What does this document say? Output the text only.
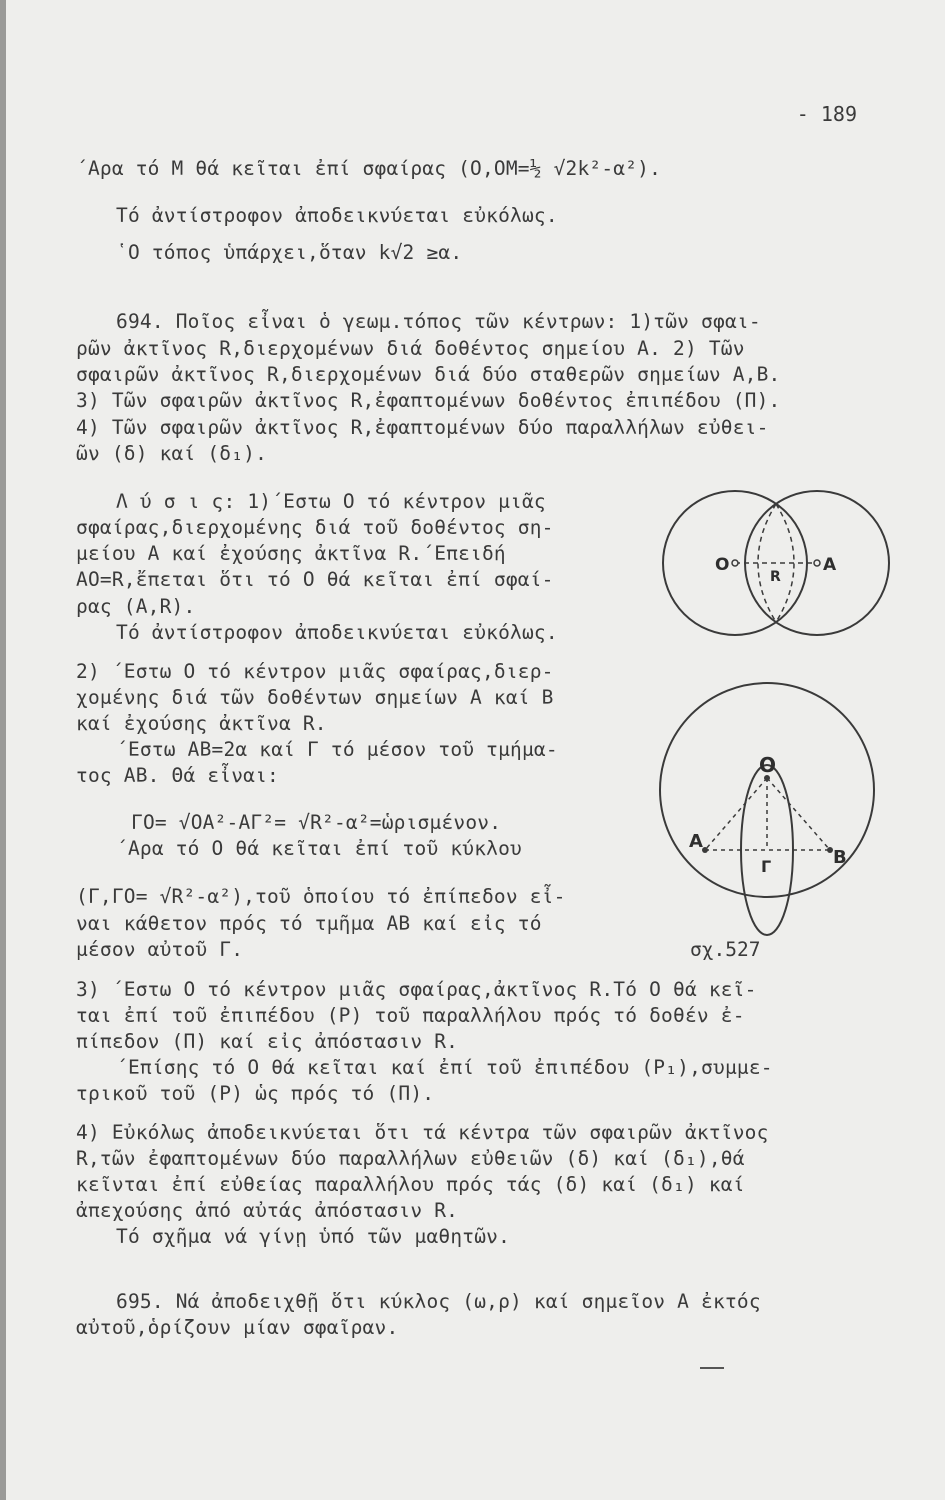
- 189
΄Αρα τό Μ θά κεῖται ἐπί σφαίρας (Ο,ΟΜ=½ √2k²-α²).
Τό ἀντίστροφον ἀποδεικνύεται εὐκόλως.
῾Ο τόπος ὑπάρχει,ὅταν k√2 ≥α.
694. Ποῖος εἶναι ὁ γεωμ.τόπος τῶν κέντρων: 1)τῶν σφαι-
ρῶν ἀκτῖνος R,διερχομένων διά δοθέντος σημείου Α. 2) Τῶν
σφαιρῶν ἀκτῖνος R,διερχομένων διά δύο σταθερῶν σημείων Α,Β.
3) Τῶν σφαιρῶν ἀκτῖνος R,ἐφαπτομένων δοθέντος ἐπιπέδου (Π).
4) Τῶν σφαιρῶν ἀκτῖνος R,ἐφαπτομένων δύο παραλλήλων εὐθει-
ῶν (δ) καί (δ₁).
Λ ύ σ ι ς: 1)΄Εστω Ο τό κέντρον μιᾶς
σφαίρας,διερχομένης διά τοῦ δοθέντος ση-
μείου Α καί ἐχούσης ἀκτῖνα R.΄Επειδή
ΑΟ=R,ἔπεται ὅτι τό Ο θά κεῖται ἐπί σφαί-
ρας (Α,R).
Τό ἀντίστροφον ἀποδεικνύεται εὐκόλως.
2) ΄Εστω Ο τό κέντρον μιᾶς σφαίρας,διερ-
χομένης διά τῶν δοθέντων σημείων Α καί Β
καί ἐχούσης ἀκτῖνα R.
΄Εστω ΑΒ=2α καί Γ τό μέσον τοῦ τμήμα-
τος ΑΒ. Θά εἶναι:
ΓΟ= √ΟΑ²-ΑΓ²= √R²-α²=ὡρισμένον.
΄Αρα τό Ο θά κεῖται ἐπί τοῦ κύκλου
(Γ,ΓΟ= √R²-α²),τοῦ ὁποίου τό ἐπίπεδον εἶ-
ναι κάθετον πρός τό τμῆμα ΑΒ καί εἰς τό
μέσον αὐτοῦ Γ.
3) ΄Εστω Ο τό κέντρον μιᾶς σφαίρας,ἀκτῖνος R.Τό Ο θά κεῖ-
ται ἐπί τοῦ ἐπιπέδου (Ρ) τοῦ παραλλήλου πρός τό δοθέν ἐ-
πίπεδον (Π) καί εἰς ἀπόστασιν R.
΄Επίσης τό Ο θά κεῖται καί ἐπί τοῦ ἐπιπέδου (Ρ₁),συμμε-
τρικοῦ τοῦ (Ρ) ὡς πρός τό (Π).
4) Εὐκόλως ἀποδεικνύεται ὅτι τά κέντρα τῶν σφαιρῶν ἀκτῖνος
R,τῶν ἐφαπτομένων δύο παραλλήλων εὐθειῶν (δ) καί (δ₁),θά
κεῖνται ἐπί εὐθείας παραλλήλου πρός τάς (δ) καί (δ₁) καί
ἀπεχούσης ἀπό αὐτάς ἀπόστασιν R.
Τό σχῆμα νά γίνῃ ὑπό τῶν μαθητῶν.
695. Νά ἀποδειχθῇ ὅτι κύκλος (ω,ρ) καί σημεῖον Α ἐκτός
αὐτοῦ,ὁρίζουν μίαν σφαῖραν.
O	A
R
O
A
B
Γ
σχ.527
